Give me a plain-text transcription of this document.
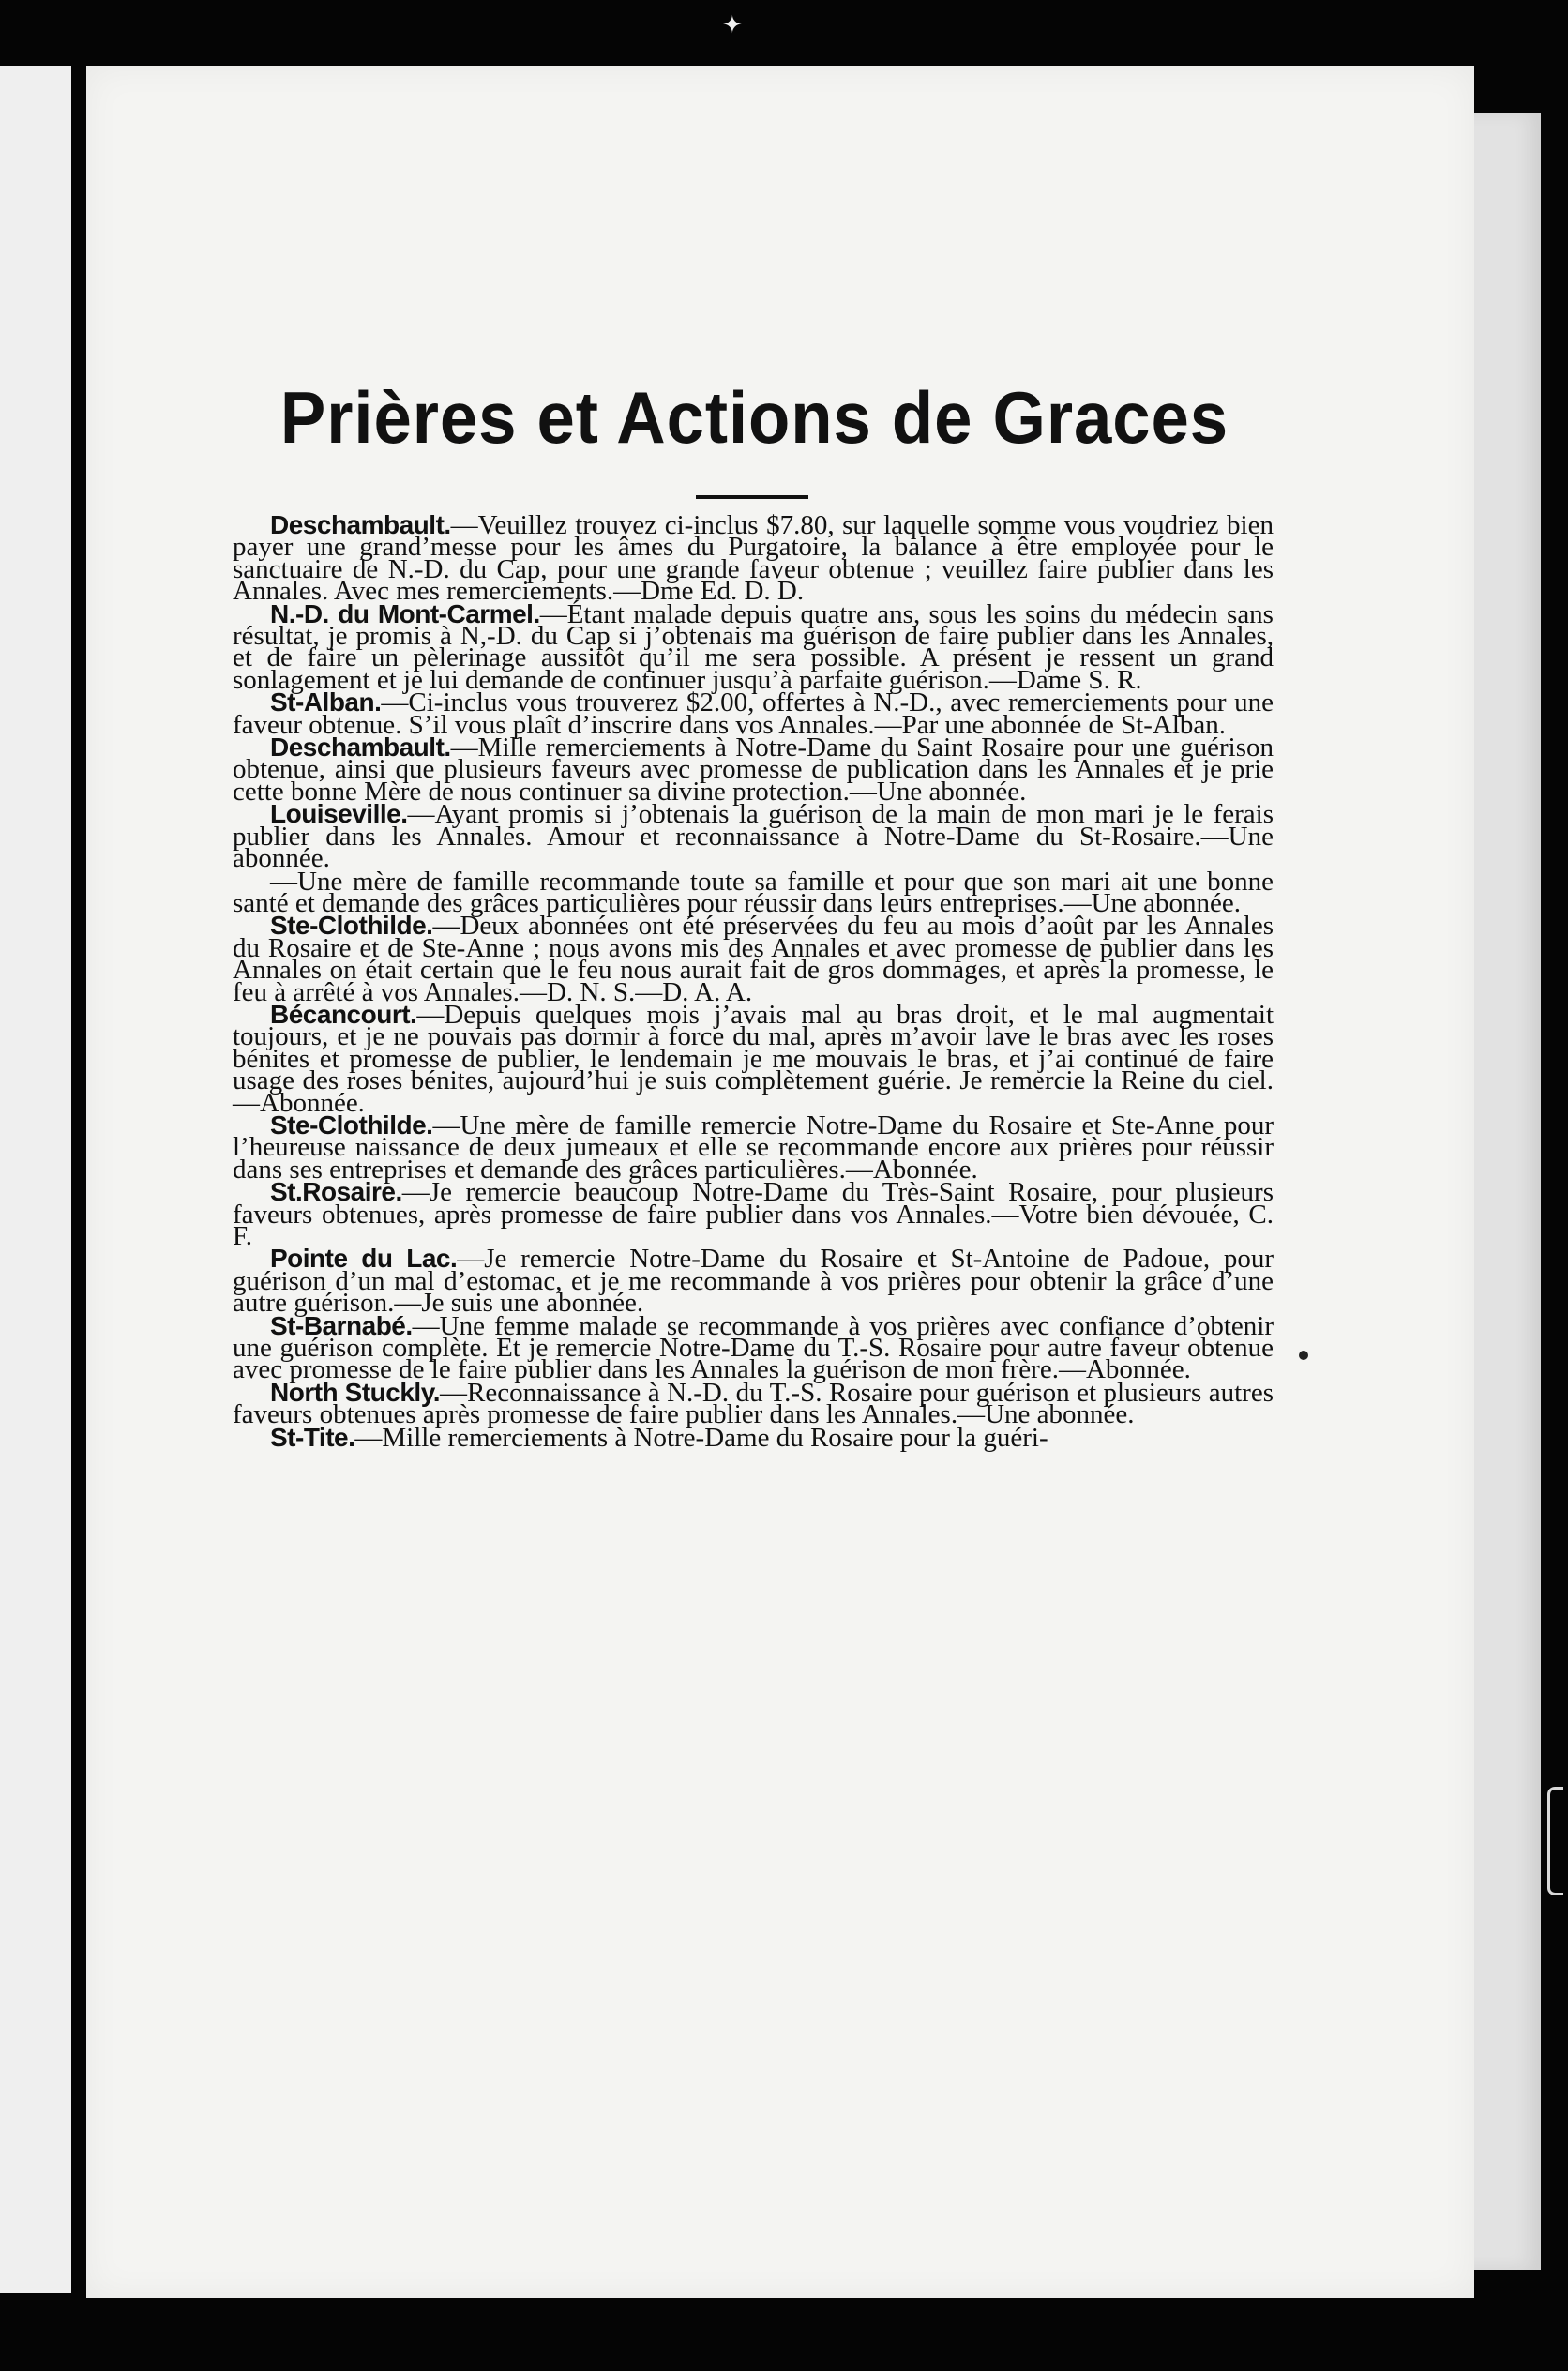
✦
Prières et Actions de Graces

Deschambault.—Veuillez trouvez ci-inclus $7.80, sur laquelle somme vous voudriez bien payer une grand’messe pour les âmes du Purgatoire, la balance à être employée pour le sanctuaire de N.-D. du Cap, pour une grande faveur obtenue ; veuillez faire publier dans les Annales. Avec mes remerciements.—Dme Ed. D. D.

N.-D. du Mont-Carmel.—Étant malade depuis quatre ans, sous les soins du médecin sans résultat, je promis à N,-D. du Cap si j’obtenais ma guérison de faire publier dans les Annales, et de faire un pèlerinage aussitôt qu’il me sera possible. A présent je ressent un grand sonlagement et je lui demande de continuer jusqu’à parfaite guérison.—Dame S. R.

St-Alban.—Ci-inclus vous trouverez $2.00, offertes à N.-D., avec remerciements pour une faveur obtenue. S’il vous plaît d’inscrire dans vos Annales.—Par une abonnée de St-Alban.

Deschambault.—Mille remerciements à Notre-Dame du Saint Rosaire pour une guérison obtenue, ainsi que plusieurs faveurs avec promesse de publication dans les Annales et je prie cette bonne Mère de nous continuer sa divine protection.—Une abonnée.

Louiseville.—Ayant promis si j’obtenais la guérison de la main de mon mari je le ferais publier dans les Annales. Amour et reconnaissance à Notre-Dame du St-Rosaire.—Une abonnée.

—Une mère de famille recommande toute sa famille et pour que son mari ait une bonne santé et demande des grâces particulières pour réussir dans leurs entreprises.—Une abonnée.

Ste-Clothilde.—Deux abonnées ont été préservées du feu au mois d’août par les Annales du Rosaire et de Ste-Anne ; nous avons mis des Annales et avec promesse de publier dans les Annales on était certain que le feu nous aurait fait de gros dommages, et après la promesse, le feu à arrêté à vos Annales.—D. N. S.—D. A. A.

Bécancourt.—Depuis quelques mois j’avais mal au bras droit, et le mal augmentait toujours, et je ne pouvais pas dormir à force du mal, après m’avoir lave le bras avec les roses bénites et promesse de publier, le lendemain je me mouvais le bras, et j’ai continué de faire usage des roses bénites, aujourd’hui je suis complètement guérie. Je remercie la Reine du ciel.—Abonnée.

Ste-Clothilde.—Une mère de famille remercie Notre-Dame du Rosaire et Ste-Anne pour l’heureuse naissance de deux jumeaux et elle se recommande encore aux prières pour réussir dans ses entreprises et demande des grâces particulières.—Abonnée.

St.Rosaire.—Je remercie beaucoup Notre-Dame du Très-Saint Rosaire, pour plusieurs faveurs obtenues, après promesse de faire publier dans vos Annales.—Votre bien dévouée, C. F.

Pointe du Lac.—Je remercie Notre-Dame du Rosaire et St-Antoine de Padoue, pour guérison d’un mal d’estomac, et je me recommande à vos prières pour obtenir la grâce d’une autre guérison.—Je suis une abonnée.

St-Barnabé.—Une femme malade se recommande à vos prières avec confiance d’obtenir une guérison complète. Et je remercie Notre-Dame du T.-S. Rosaire pour autre faveur obtenue avec promesse de le faire publier dans les Annales la guérison de mon frère.—Abonnée.

North Stuckly.—Reconnaissance à N.-D. du T.-S. Rosaire pour guérison et plusieurs autres faveurs obtenues après promesse de faire publier dans les Annales.—Une abonnée.

St-Tite.—Mille remerciements à Notre-Dame du Rosaire pour la guéri-
